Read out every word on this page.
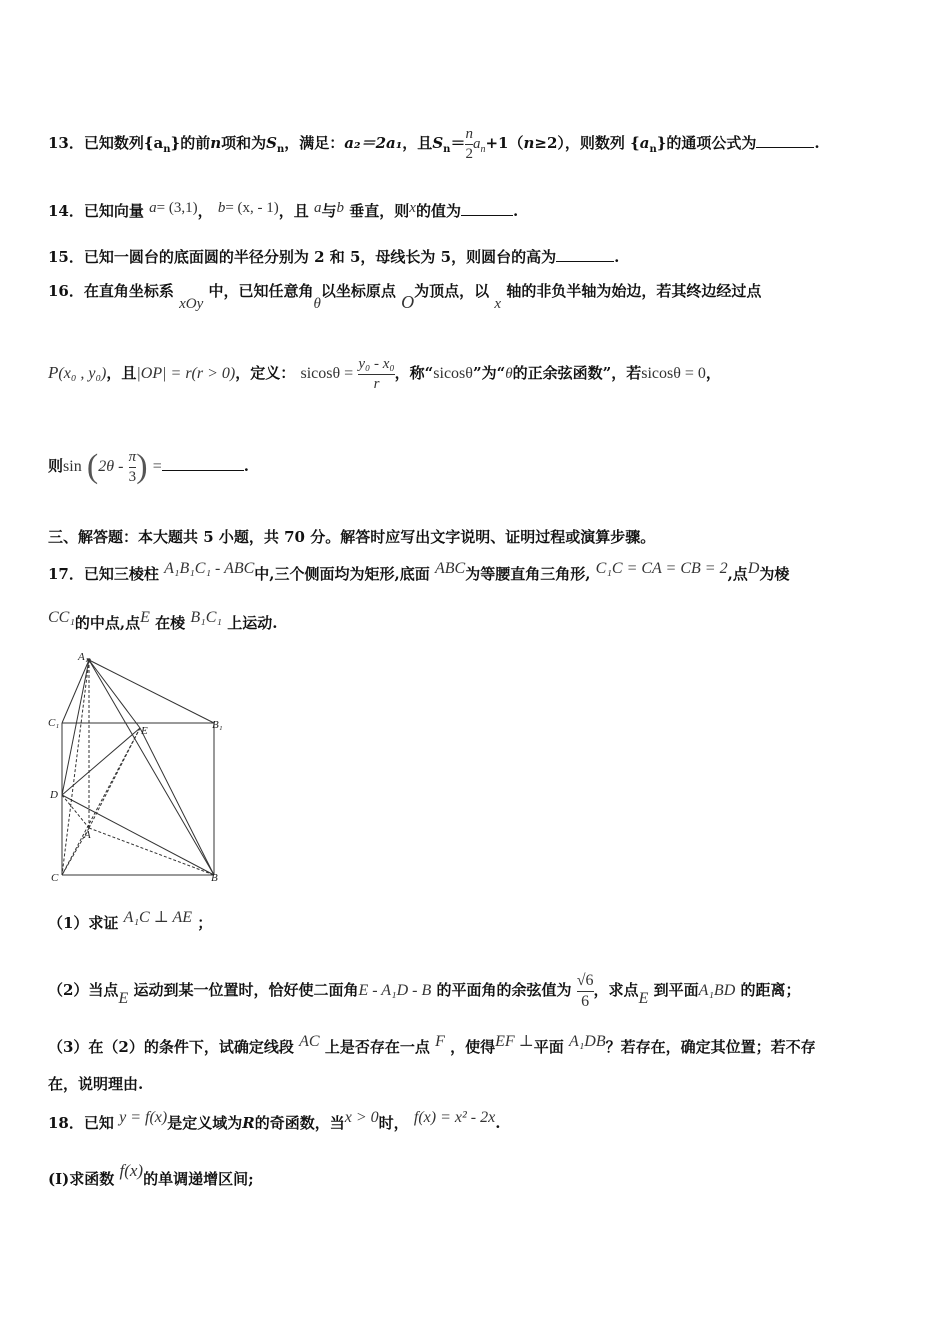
13．已知数列$\{a_n\}$的前n项和为$S_n$，满足：a₂＝2a₁，且$S_n= \frac{n}{2} a_n+1(n\ge 2)$，则数列 $\{a_n\}$的通项公式为	.
14．已知向量 a= (3,1)， b= (x, - 1)，且 a与b 垂直，则x的值为	.
15．已知一圆台的底面圆的半径分别为 2 和 5，母线长为 5，则圆台的高为	.
16．在直角坐标系 xOy 中，已知任意角θ以坐标原点 O为顶点，以 x 轴的非负半轴为始边，若其终边经过点
P(x₀ , y₀)，且|OP| = r(r > 0)，定义： $sicos\theta = \frac{\text{y₀ - x₀}}{r}$ ，称“sicosθ”为“θ的正余弦函数”，若sicosθ = 0，
则$\sin (2\theta - \frac{\pi}{3}$ ) =	.
三、解答题：本大题共 5 小题，共 70 分。解答时应写出文字说明、证明过程或演算步骤。
17．已知三棱柱 A₁B₁C₁ - ABC中,三个侧面均为矩形,底面 ABC为等腰直角三角形, C₁C = CA = CB = 2,点D为棱
CC₁的中点,点E 在棱 B₁C₁ 上运动.
A₁
C₁	B₁
E
D
A
C	B
（1）求证 A₁C ⊥ AE ；
（2）当点E 运动到某一位置时，恰好使二面角E - A₁D - B 的平面角的余弦值为 $\frac{√6}{6}$ ，求点E 到平面A₁BD 的距离；
（3）在（2）的条件下，试确定线段 AC 上是否存在一点 F ，使得EF ⊥平面 A₁DB？若存在，确定其位置；若不存
在，说明理由.
18．已知 y = f(x)是定义域为R的奇函数，当x > 0时， f(x) = x² - 2x.
(Ⅰ)求函数 f(x)的单调递增区间;
